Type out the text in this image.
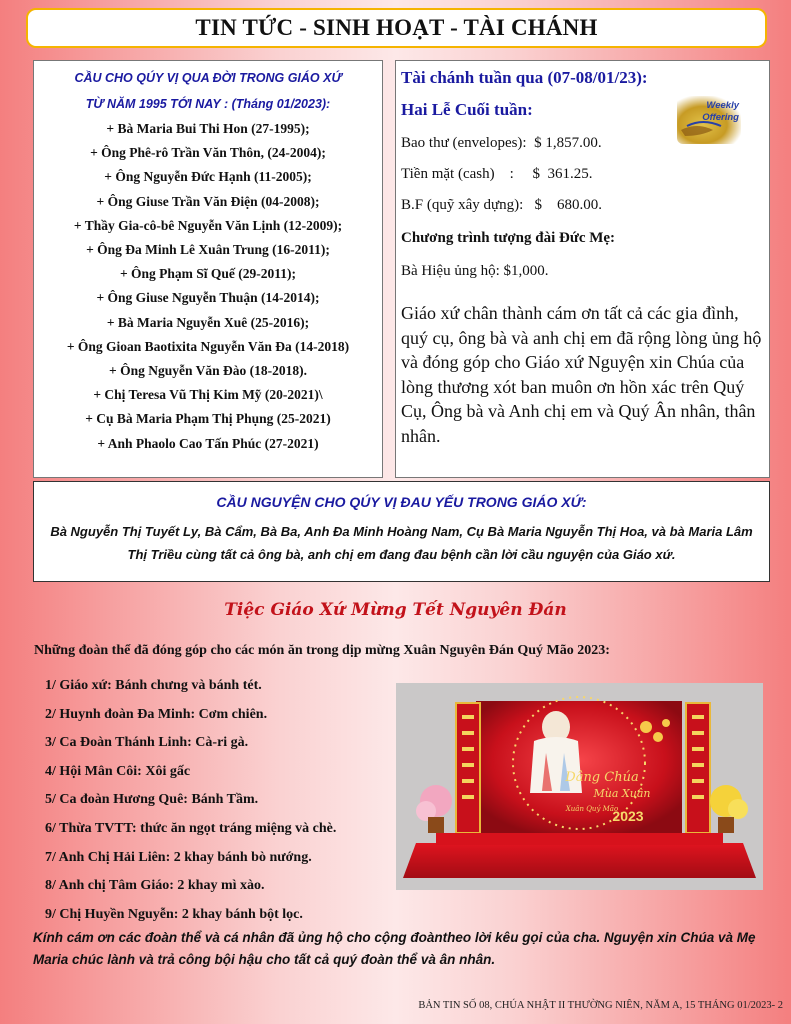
TIN TỨC - SINH HOẠT - TÀI CHÁNH
CẦU CHO QÚY VỊ QUA ĐỜI TRONG GIÁO XỨ
TỪ NĂM 1995 TỚI NAY : (Tháng 01/2023):
+ Bà Maria Bui Thi Hon (27-1995);
+ Ông Phê-rô Trần Văn Thôn, (24-2004);
+ Ông Nguyễn Đức Hạnh (11-2005);
+ Ông Giuse Trần Văn Điện (04-2008);
+ Thầy Gia-cô-bê Nguyễn Văn Lịnh (12-2009);
+ Ông Đa Minh Lê Xuân Trung (16-2011);
+ Ông Phạm Sĩ Quế (29-2011);
+ Ông Giuse Nguyễn Thuận (14-2014);
+ Bà Maria Nguyễn Xuê (25-2016);
+ Ông Gioan Baotixita Nguyễn Văn Đa (14-2018)
+ Ông Nguyễn Văn Đào (18-2018).
+ Chị Teresa Vũ Thị Kim Mỹ (20-2021)\
+ Cụ Bà Maria Phạm Thị Phụng (25-2021)
+ Anh Phaolo Cao Tấn Phúc (27-2021)
Tài chánh tuần qua (07-08/01/23):
Hai Lễ Cuối tuần:
Bao thư (envelopes):  $ 1,857.00.
Tiền mặt (cash)    :     $  361.25.
B.F (quỹ xây dựng):   $    680.00.
Chương trình tượng đài Đức Mẹ:
Bà Hiệu ủng hộ: $1,000.
Giáo xứ chân thành cám ơn tất cả các gia đình, quý cụ, ông bà và anh chị em đã rộng lòng ủng hộ và đóng góp cho Giáo xứ Nguyện xin Chúa của lòng thương xót ban muôn ơn hồn xác trên Quý Cụ, Ông bà và Anh chị em và Quý Ân nhân, thân nhân.
Weekly
Offering
CẦU NGUYỆN CHO QÚY VỊ ĐAU YẾU TRONG GIÁO XỨ:
Bà Nguyễn Thị Tuyết Ly, Bà Cẩm, Bà Ba, Anh Đa Minh Hoàng Nam, Cụ Bà Maria Nguyễn Thị Hoa, và bà Maria Lâm Thị Triều cùng tất cả ông bà, anh chị em đang đau bệnh cần lời cầu nguyện của Giáo xứ.
Tiệc Giáo Xứ Mừng Tết Nguyên Đán
Những đoàn thể đã đóng góp cho các món ăn trong dịp mừng Xuân Nguyên Đán Quý Mão 2023:
1/ Giáo xứ: Bánh chưng và bánh tét.
2/ Huynh đoàn Đa Minh: Cơm chiên.
3/ Ca Đoàn Thánh Linh: Cà-ri gà.
4/ Hội Mân Côi: Xôi gấc
5/ Ca đoàn Hương Quê: Bánh Tầm.
6/ Thừa TVTT: thức ăn ngọt tráng miệng và chè.
7/ Anh Chị Hải Liên: 2 khay bánh bò nướng.
8/ Anh chị Tâm Giáo: 2 khay mì xào.
9/ Chị Huyền Nguyễn: 2 khay bánh bột lọc.
Dâng Chúa
Mùa Xuân
Xuân Quý Mão
2023
Kính cám ơn các đoàn thể và cá nhân đã ủng hộ cho cộng đoàntheo lời kêu gọi của cha. Nguyện xin Chúa và Mẹ Maria chúc lành và trả công bội hậu cho tất cả quý đoàn thể và ân nhân.
BẢN TIN SỐ 08, CHÚA NHẬT II THƯỜNG NIÊN, NĂM A, 15 THÁNG 01/2023- 2
